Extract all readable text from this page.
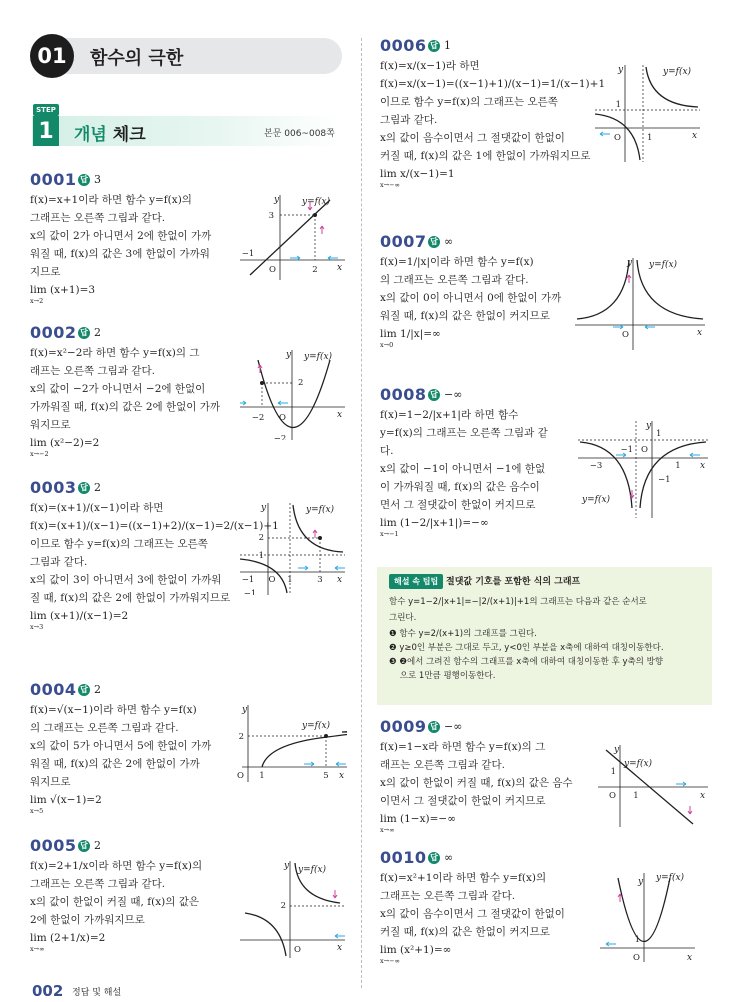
01	함수의 극한
STEP
1	개념 체크	본문 006~008쪽
0001 답 3
f(x)=x+1이라 하면 함수 y=f(x)의
그래프는 오른쪽 그림과 같다.
x의 값이 2가 아니면서 2에 한없이 가까
워질 때, f(x)의 값은 3에 한없이 가까워
지므로
lim (x+1)=3
x→2
x
y
3
−1
O	2
y=f(x)
0002 답 2
f(x)=x²−2라 하면 함수 y=f(x)의 그
래프는 오른쪽 그림과 같다.
x의 값이 −2가 아니면서 −2에 한없이
가까워질 때, f(x)의 값은 2에 한없이 가까
워지므로
lim (x²−2)=2
x→−2
x
y
2
−2 O
−2
y=f(x)
0003 답 2
f(x)=(x+1)/(x−1)이라 하면
f(x)=(x+1)/(x−1)=((x−1)+2)/(x−1)=2/(x−1)+1
이므로 함수 y=f(x)의 그래프는 오른쪽
그림과 같다.
x의 값이 3이 아니면서 3에 한없이 가까워
질 때, f(x)의 값은 2에 한없이 가까워지므로
lim (x+1)/(x−1)=2
x→3
x
y	y=f(x)
2
1
−1 O 1	3
−1
0004 답 2
f(x)=√(x−1)이라 하면 함수 y=f(x)
의 그래프는 오른쪽 그림과 같다.
x의 값이 5가 아니면서 5에 한없이 가까
워질 때, f(x)의 값은 2에 한없이 가까
워지므로
lim √(x−1)=2
x→5
x
y
2
O 1	5
y=f(x)
0005 답 2
f(x)=2+1/x이라 하면 함수 y=f(x)의
그래프는 오른쪽 그림과 같다.
x의 값이 한없이 커질 때, f(x)의 값은
2에 한없이 가까워지므로
lim (2+1/x)=2
x→∞	x
y
2
O
y=f(x)
0006 답 1
f(x)=x/(x−1)라 하면
f(x)=x/(x−1)=((x−1)+1)/(x−1)=1/(x−1)+1
이므로 함수 y=f(x)의 그래프는 오른쪽
그림과 같다.
x의 값이 음수이면서 그 절댓값이 한없이
커질 때, f(x)의 값은 1에 한없이 가까워지므로
lim x/(x−1)=1
x→−∞
x
y	y=f(x)
1
O	1
0007 답 ∞
f(x)=1/|x|이라 하면 함수 y=f(x)
의 그래프는 오른쪽 그림과 같다.
x의 값이 0이 아니면서 0에 한없이 가까
워질 때, f(x)의 값은 한없이 커지므로
lim 1/|x|=∞
x→0
x
y
O
y=f(x)
0008 답 −∞
f(x)=1−2/|x+1|라 하면 함수
y=f(x)의 그래프는 오른쪽 그림과 같
다.
x의 값이 −1이 아니면서 −1에 한없
이 가까워질 때, f(x)의 값은 음수이
면서 그 절댓값이 한없이 커지므로
lim (1−2/|x+1|)=−∞
x→−1
x
y
1
−1 O
−3	1
−1
y=f(x)
0009 답 −∞
f(x)=1−x라 하면 함수 y=f(x)의 그
래프는 오른쪽 그림과 같다.
x의 값이 한없이 커질 때, f(x)의 값은 음수
이면서 그 절댓값이 한없이 커지므로
lim (1−x)=−∞
x→∞
x
y
1
O 1
y=f(x)
0010 답 ∞
f(x)=x²+1이라 하면 함수 y=f(x)의
그래프는 오른쪽 그림과 같다.
x의 값이 음수이면서 그 절댓값이 한없이
커질 때, f(x)의 값은 한없이 커지므로
lim (x²+1)=∞
x→−∞	x
y
1
O
y=f(x)
해설 속 팁팁 절댓값 기호를 포함한 식의 그래프
함수 y=1−2/|x+1|=−|2/(x+1)|+1의 그래프는 다음과 같은 순서로
그린다.
❶ 함수 y=2/(x+1)의 그래프를 그린다.
❷ y≥0인 부분은 그대로 두고, y<0인 부분을 x축에 대하여 대칭이동한다.
❸ ❷에서 그려진 함수의 그래프를 x축에 대하여 대칭이동한 후 y축의 방향
으로 1만큼 평행이동한다.
002 정답 및 해설
